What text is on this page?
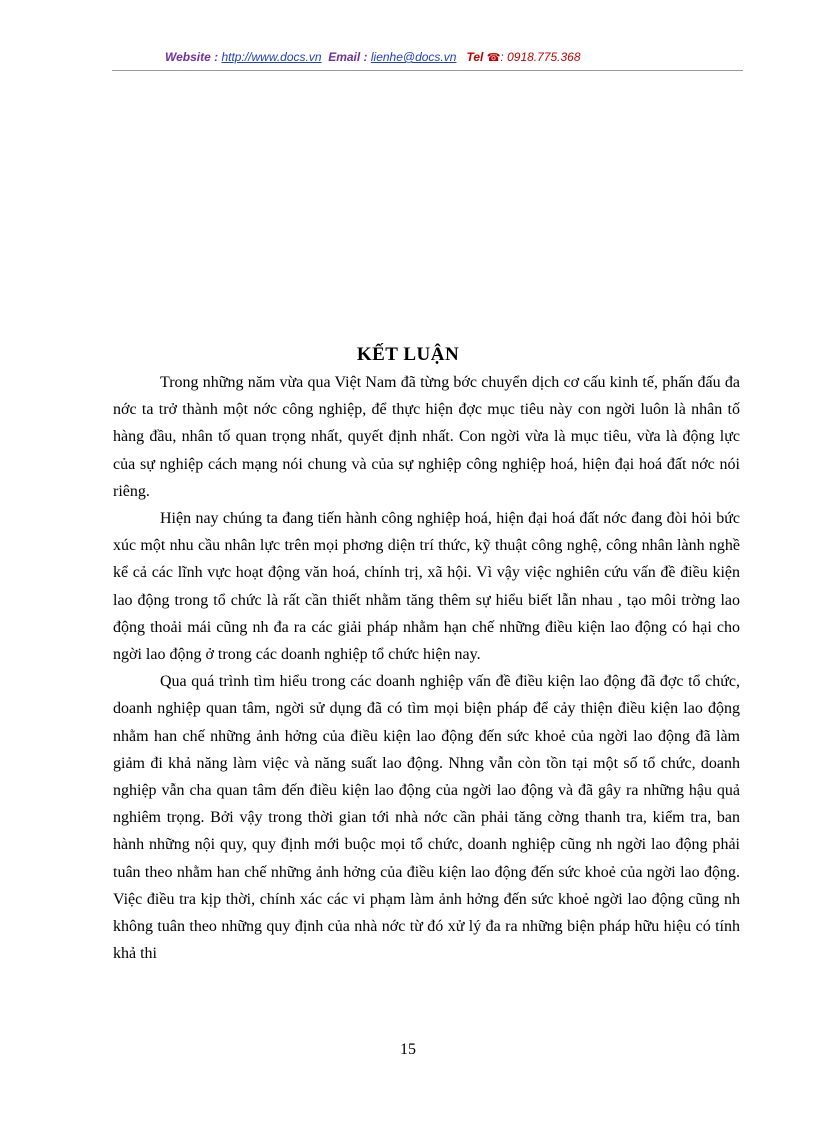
Website : http://www.docs.vn Email : lienhe@docs.vn Tel ☎: 0918.775.368
KẾT LUẬN

Trong những năm vừa qua Việt Nam đã từng bớc chuyển dịch cơ cấu kinh tế, phấn đấu đa nớc ta trở thành một nớc công nghiệp, để thực hiện đợc mục tiêu này con ngời luôn là nhân tố hàng đầu, nhân tố quan trọng nhất, quyết định nhất. Con ngời vừa là mục tiêu, vừa là động lực của sự nghiệp cách mạng nói chung và của sự nghiệp công nghiệp hoá, hiện đại hoá đất nớc nói riêng.

Hiện nay chúng ta đang tiến hành công nghiệp hoá, hiện đại hoá đất nớc đang đòi hỏi bức xúc một nhu cầu nhân lực trên mọi phơng diện trí thức, kỹ thuật công nghệ, công nhân lành nghề kể cả các lĩnh vực hoạt động văn hoá, chính trị, xã hội. Vì vậy việc nghiên cứu vấn đề điều kiện lao động trong tổ chức là rất cần thiết nhằm tăng thêm sự hiểu biết lẫn nhau , tạo môi trờng lao động thoải mái cũng nh đa ra các giải pháp nhằm hạn chế những điều kiện lao động có hại cho ngời lao động ở trong các doanh nghiệp tổ chức hiện nay.

Qua quá trình tìm hiểu trong các doanh nghiệp vấn đề điều kiện lao động đã đợc tổ chức, doanh nghiệp quan tâm, ngời sử dụng đã có tìm mọi biện pháp để cảy thiện điều kiện lao động nhằm han chế những ảnh hởng của điều kiện lao động đến sức khoẻ của ngời lao động đã làm giảm đi khả năng làm việc và năng suất lao động. Nhng vẫn còn tồn tại một số tổ chức, doanh nghiệp vẫn cha quan tâm đến điều kiện lao động của ngời lao động và đã gây ra những hậu quả nghiêm trọng. Bởi vậy trong thời gian tới nhà nớc cần phải tăng cờng thanh tra, kiểm tra, ban hành những nội quy, quy định mới buộc mọi tổ chức, doanh nghiệp cũng nh ngời lao động phải tuân theo nhằm han chế những ảnh hởng của điều kiện lao động đến sức khoẻ của ngời lao động. Việc điều tra kịp thời, chính xác các vi phạm làm ảnh hởng đến sức khoẻ ngời lao động cũng nh không tuân theo những quy định của nhà nớc từ đó xử lý đa ra những biện pháp hữu hiệu có tính khả thi

15
